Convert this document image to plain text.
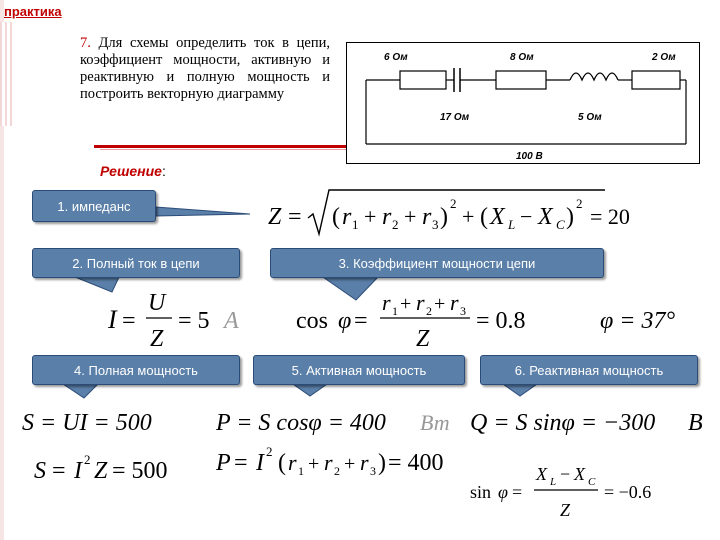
практика
7. Для схемы определить ток в цепи, коэффициент мощности, активную и реактивную и полную мощность и построить векторную диаграмму
6 Ом	8 Ом	2 Ом
17 Ом	5 Ом
100 В
Решение:
1. импеданс
2. Полный ток в цепи	3. Коэффициент мощности цепи
4. Полная мощность	5. Активная мощность	6. Реактивная мощность
Z = ( r 1 + r 2 + r 3 )
2
+ ( X L − X C )
2
= 20
I =
U
Z
= 5 А cos φ =
r 1 + r 2 + r 3
Z
= 0.8	φ = 37°
S = UI = 500
S = I 2 Z = 500
P = S cosφ = 400 Вт
P = I 2 ( r 1 + r 2 + r 3 ) = 400
Q = S sinφ = −300 В
sin φ =
X L − X C
Z
= −0.6
